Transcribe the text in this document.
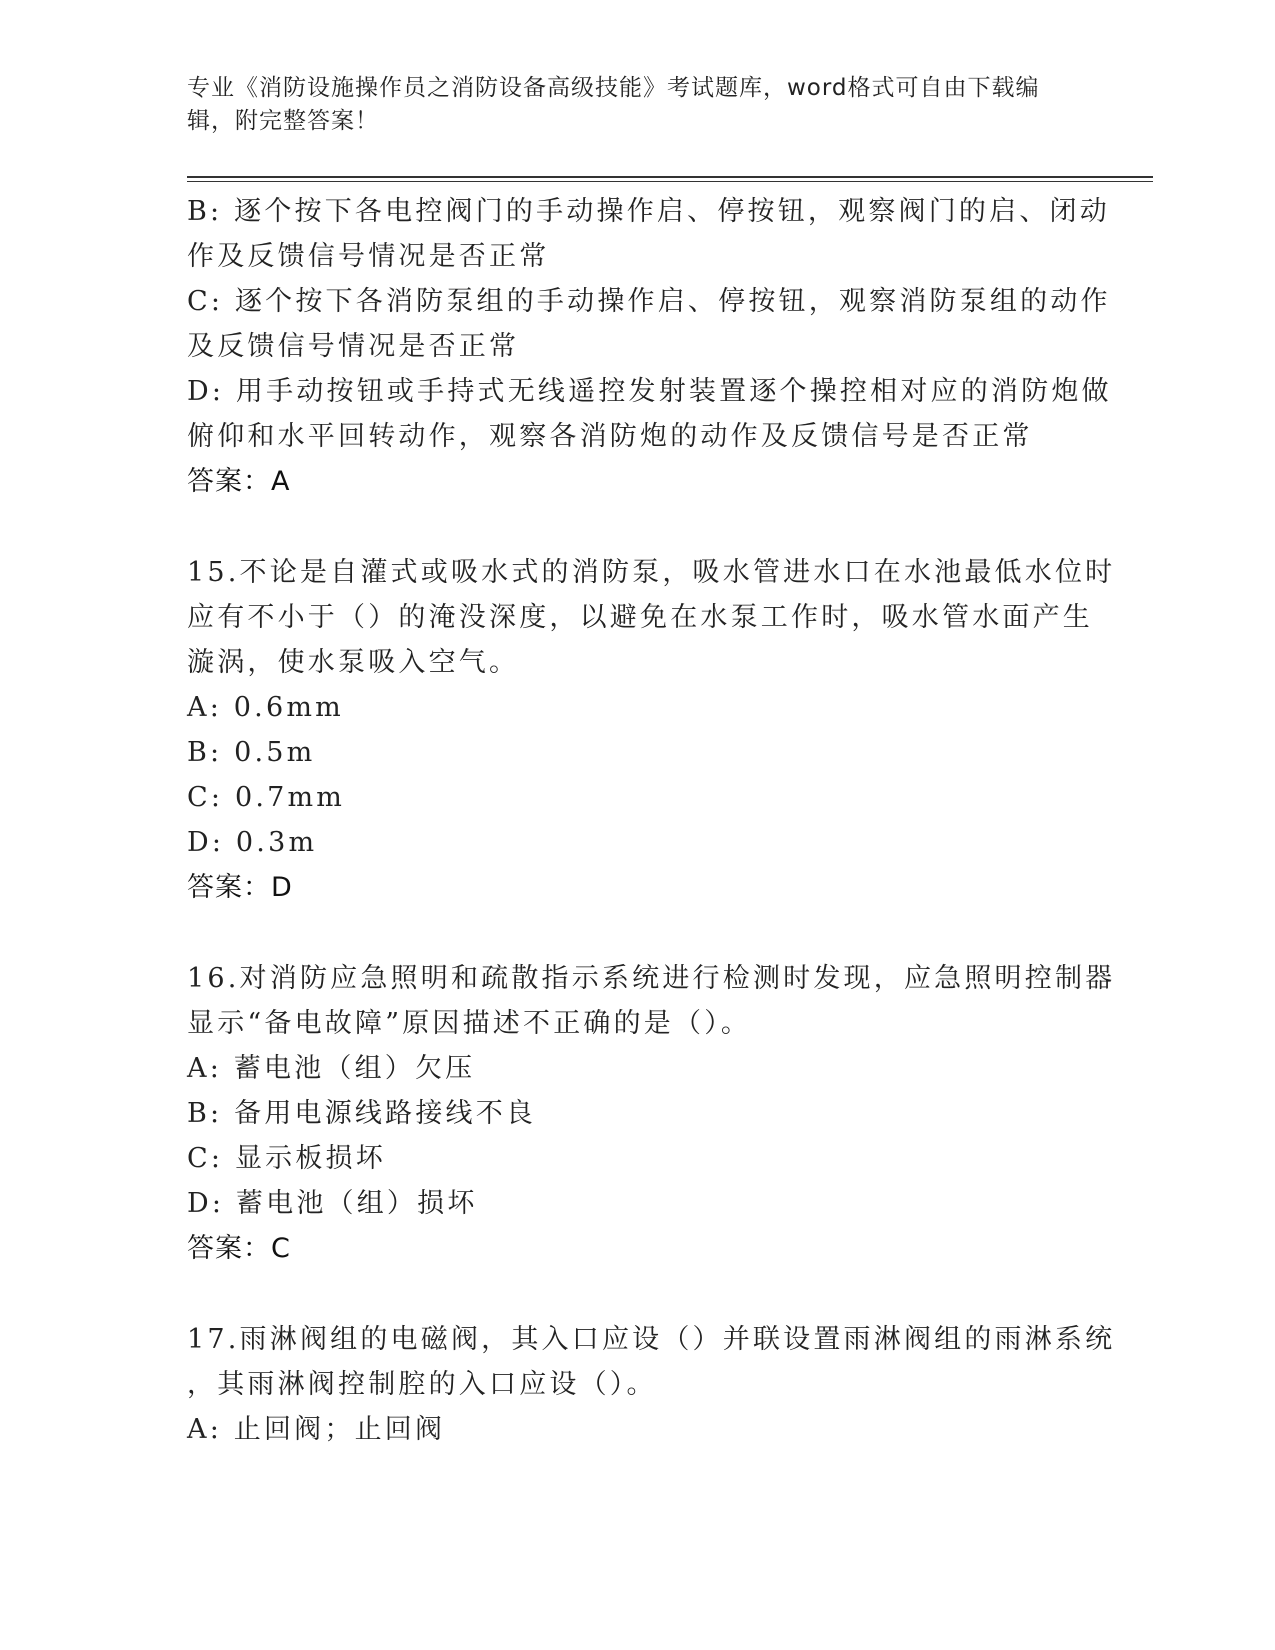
专业《消防设施操作员之消防设备高级技能》考试题库，word格式可自由下载编
辑，附完整答案！
B: 逐个按下各电控阀门的手动操作启、停按钮，观察阀门的启、闭动
作及反馈信号情况是否正常
C: 逐个按下各消防泵组的手动操作启、停按钮，观察消防泵组的动作
及反馈信号情况是否正常
D: 用手动按钮或手持式无线遥控发射装置逐个操控相对应的消防炮做
俯仰和水平回转动作，观察各消防炮的动作及反馈信号是否正常
答案：A
15.不论是自灌式或吸水式的消防泵，吸水管进水口在水池最低水位时
应有不小于（）的淹没深度，以避免在水泵工作时，吸水管水面产生
漩涡，使水泵吸入空气。
A: 0.6mm
B: 0.5m
C: 0.7mm
D: 0.3m
答案：D
16.对消防应急照明和疏散指示系统进行检测时发现，应急照明控制器
显示“备电故障”原因描述不正确的是（）。
A: 蓄电池（组）欠压
B: 备用电源线路接线不良
C: 显示板损坏
D: 蓄电池（组）损坏
答案：C
17.雨淋阀组的电磁阀，其入口应设（）并联设置雨淋阀组的雨淋系统
，其雨淋阀控制腔的入口应设（）。
A: 止回阀；止回阀
